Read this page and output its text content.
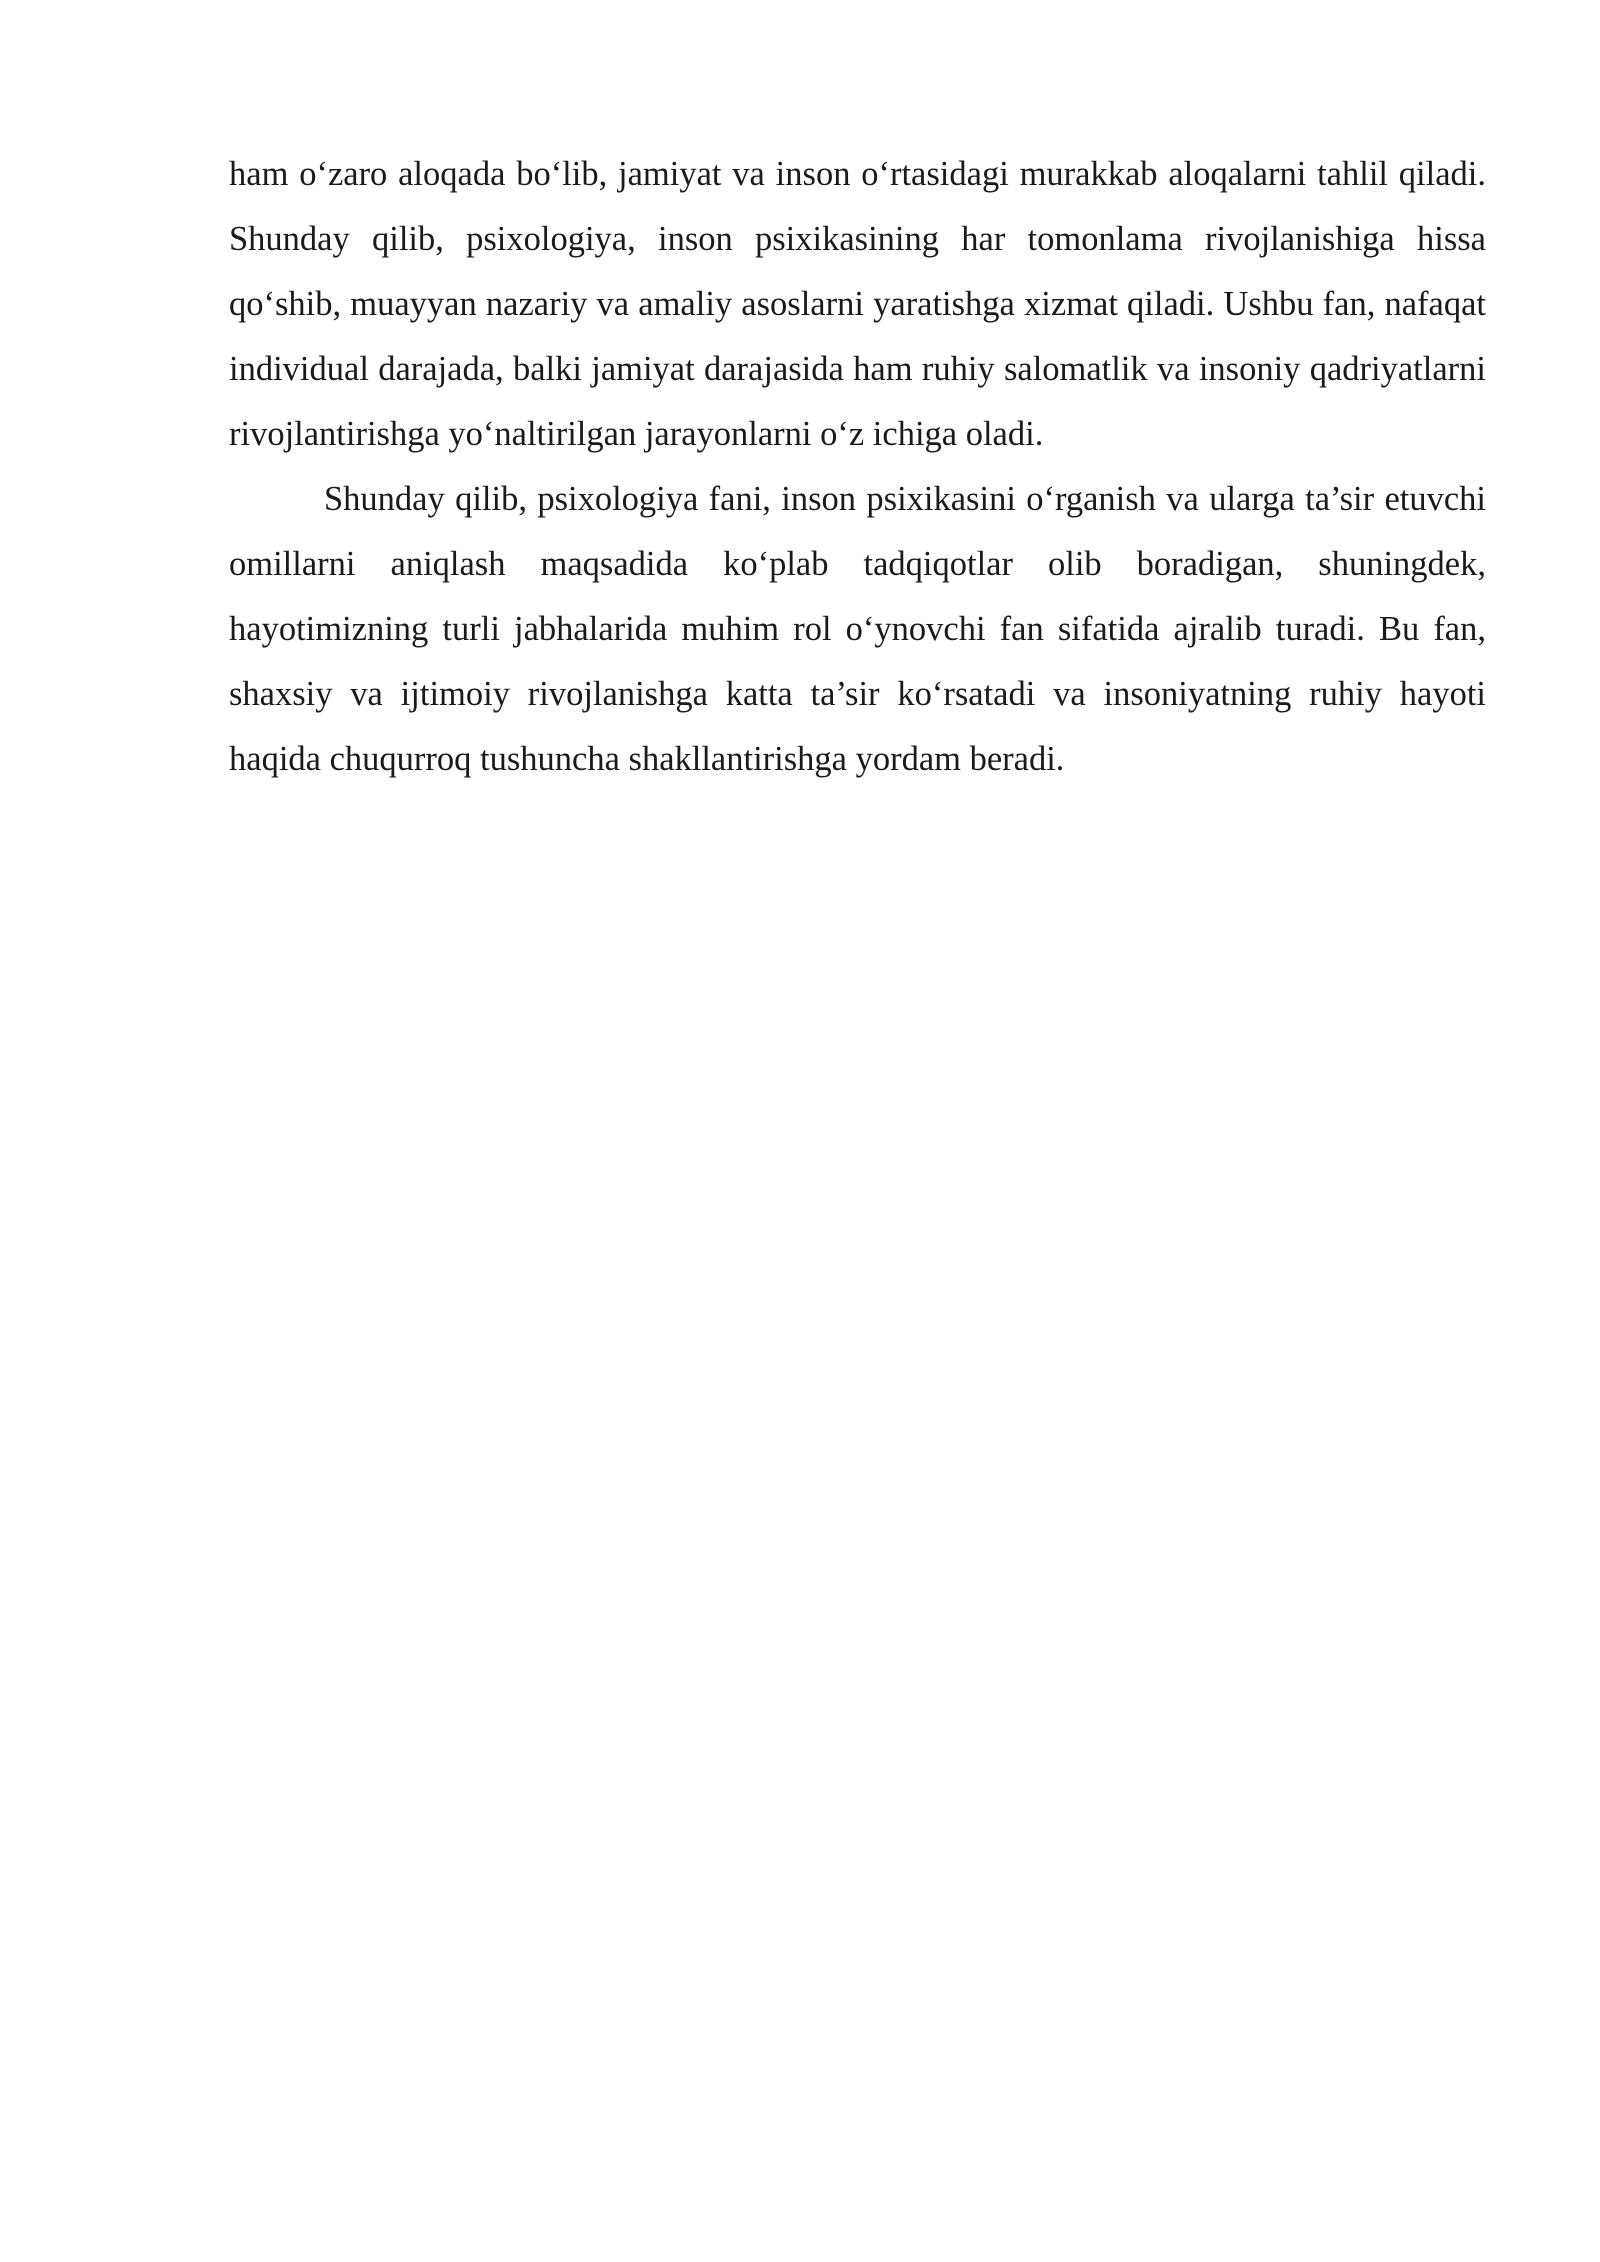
ham o‘zaro aloqada bo‘lib, jamiyat va inson o‘rtasidagi murakkab aloqalarni tahlil qiladi. Shunday qilib, psixologiya, inson psixikasining har tomonlama rivojlanishiga hissa qo‘shib, muayyan nazariy va amaliy asoslarni yaratishga xizmat qiladi. Ushbu fan, nafaqat individual darajada, balki jamiyat darajasida ham ruhiy salomatlik va insoniy qadriyatlarni rivojlantirishga yo‘naltirilgan jarayonlarni o‘z ichiga oladi.

Shunday qilib, psixologiya fani, inson psixikasini o‘rganish va ularga ta’sir etuvchi omillarni aniqlash maqsadida ko‘plab tadqiqotlar olib boradigan, shuningdek, hayotimizning turli jabhalarida muhim rol o‘ynovchi fan sifatida ajralib turadi. Bu fan, shaxsiy va ijtimoiy rivojlanishga katta ta’sir ko‘rsatadi va insoniyatning ruhiy hayoti haqida chuqurroq tushuncha shakllantirishga yordam beradi.
